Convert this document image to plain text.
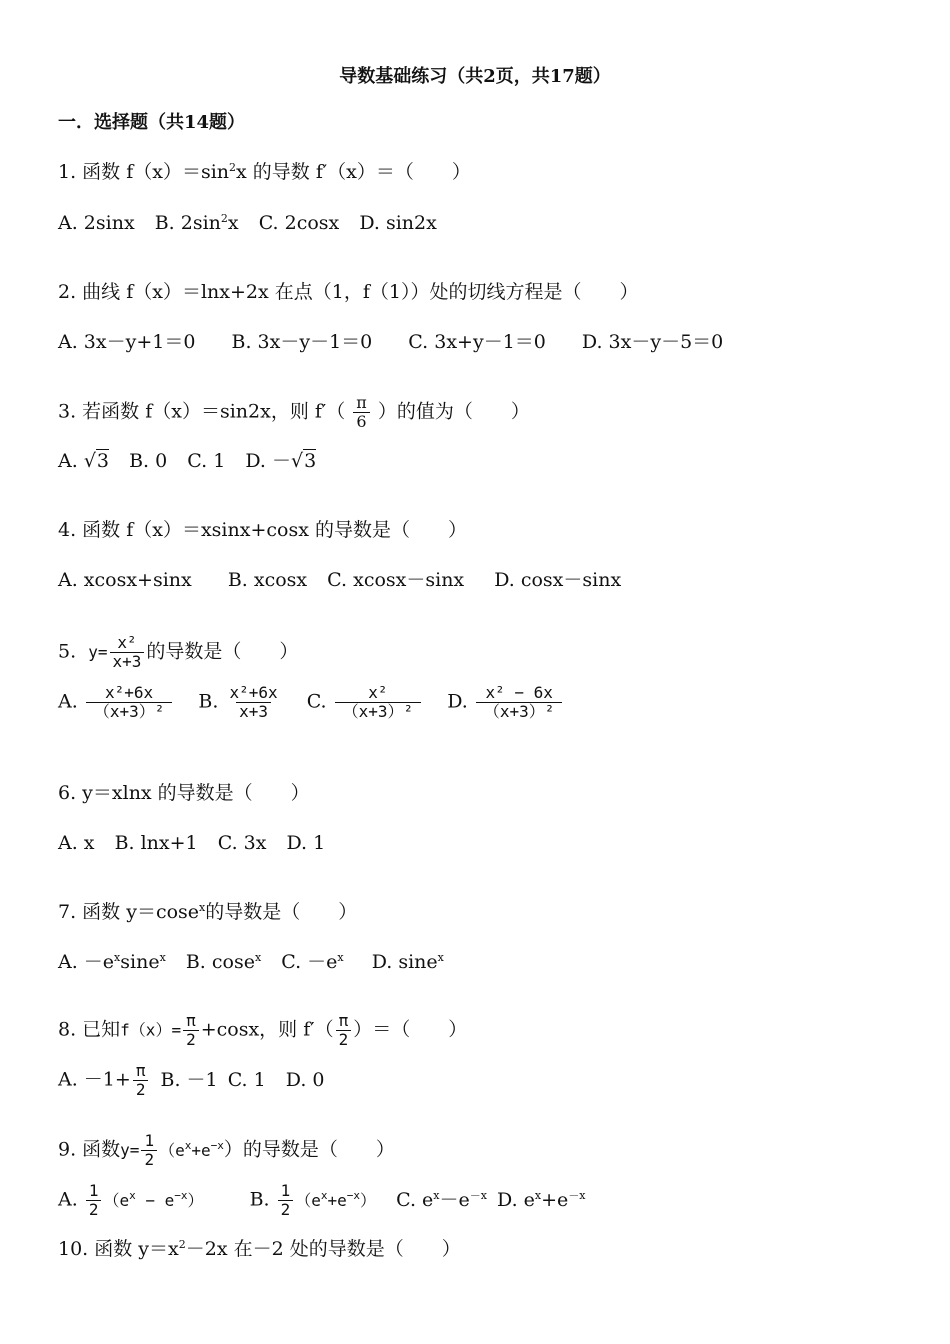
导数基础练习（共2页，共17题）
一．选择题（共14题）
1. 函数 $f(x)=\sin^2x$ 的导数 f′（x）＝（　　）
A. 2sinx B. $2\sin^2x$ C. 2cosx D. sin2x
2. 曲线 f（x）＝lnx+2x 在点（1，f（1））处的切线方程是（　　）
A. 3x－y+1＝0 B. 3x－y－1＝0 C. 3x+y－1＝0 D. 3x－y－5＝0
3. 若函数 f（x）＝sin2x，则 $f'( \frac{\pi}{6}$ ）的值为（　　）
A. √3 B. 0 C. 1 D. －√3
4. 函数 f（x）＝xsinx+cosx 的导数是（　　）
A. xcosx+sinx B. xcosx C. xcosx－sinx D. cosx－sinx
5. $y= \frac{\text{x²}}{x+3}$ 的导数是（　　）
A. $\frac{\text{x²+6x}}{\text{（x+3）²}} B$. $\frac{\text{x²+6x}}{x+3} C$. $\frac{\text{x²}}{\text{（x+3）²}} D$. $\frac{\text{x² − 6x}}{\text{（x+3）²}}$
6. y＝xlnx 的导数是（　　）
A. x B. lnx+1 C. 3x D. 1
7. 函数 y＝cose$^x$的导数是（　　）
A. $-e^x\sin e^x$ B. cose$^x$ C. $-e^x$ D. sine$^x$
8. 已知$f(x)= \frac{\pi}{2} +\cos x$，则 $f'( \frac{\pi}{2}$ ）＝（　　）
A. $-1+ \frac{\pi}{2} B$. －1 C. 1 D. 0
9. 函数$y= \frac{1}{2} (e^x+e^{-x})$的导数是（　　）
A. $\frac{1}{2} (e^x - e^{-x})$ B. $\frac{1}{2} (e^x+e^{-x})$ C. $e^x-e^{-x}$ D. $e^x+e^{-x}$
10. 函数 $y=x^2-2x$ 在－2 处的导数是（　　）
